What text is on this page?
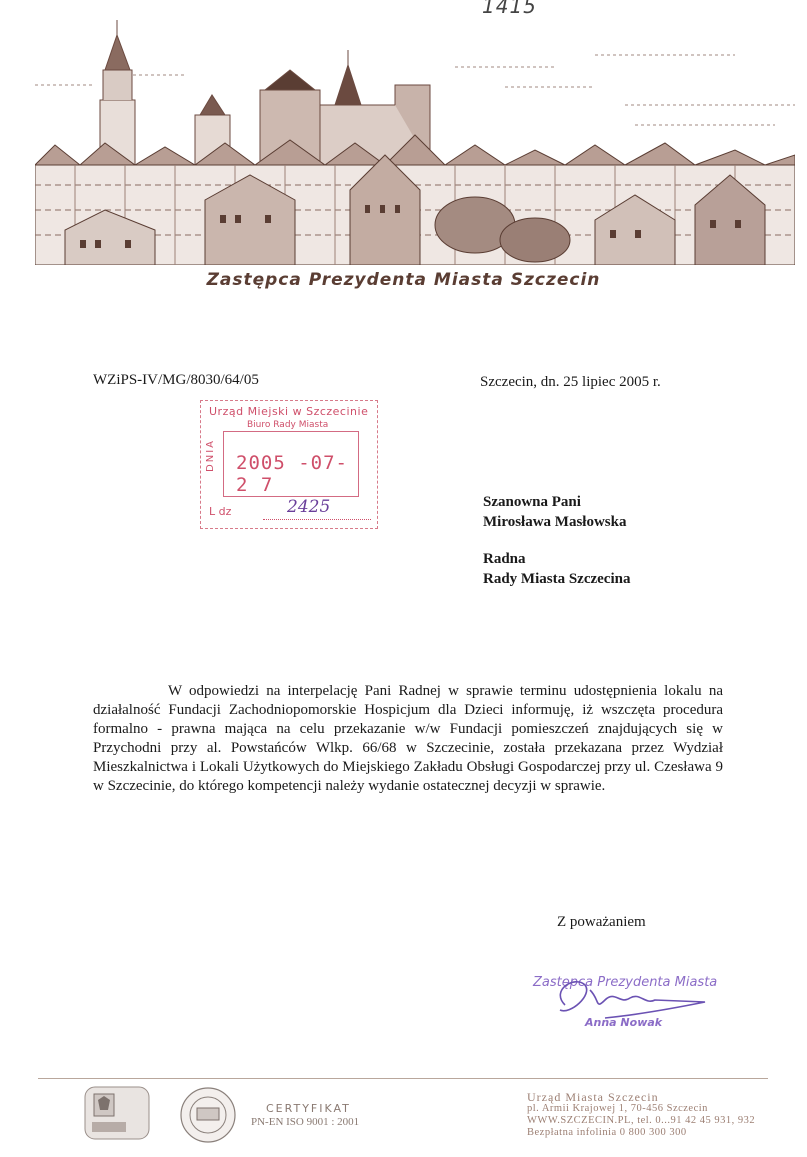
1415
Zastępca Prezydenta Miasta Szczecin
WZiPS-IV/MG/8030/64/05	Szczecin, dn. 25 lipiec 2005 r.
Urząd Miejski w Szczecinie
Biuro Rady Miasta
DNIA 2005 -07- 2 7
L dz	2425	Szanowna Pani
Mirosława Masłowska
Radna
Rady Miasta Szczecina

W odpowiedzi na interpelację Pani Radnej w sprawie terminu udostępnienia lokalu na działalność Fundacji Zachodniopomorskie Hospicjum dla Dzieci informuję, iż wszczęta procedura formalno - prawna mająca na celu przekazanie w/w Fundacji pomieszczeń znajdujących się w Przychodni przy al. Powstańców Wlkp. 66/68 w Szczecinie, została przekazana przez Wydział Mieszkalnictwa i Lokali Użytkowych do Miejskiego Zakładu Obsługi Gospodarczej przy ul. Czesława 9 w Szczecinie, do którego kompetencji należy wydanie ostatecznej decyzji w sprawie.

Z poważaniem
Zastępca Prezydenta Miasta
Anna Nowak
CERTYFIKAT
PN-EN ISO 9001 : 2001
Urząd Miasta Szczecin
pl. Armii Krajowej 1, 70-456 Szczecin
WWW.SZCZECIN.PL, tel. 0...91 42 45 931, 932
Bezpłatna infolinia 0 800 300 300
